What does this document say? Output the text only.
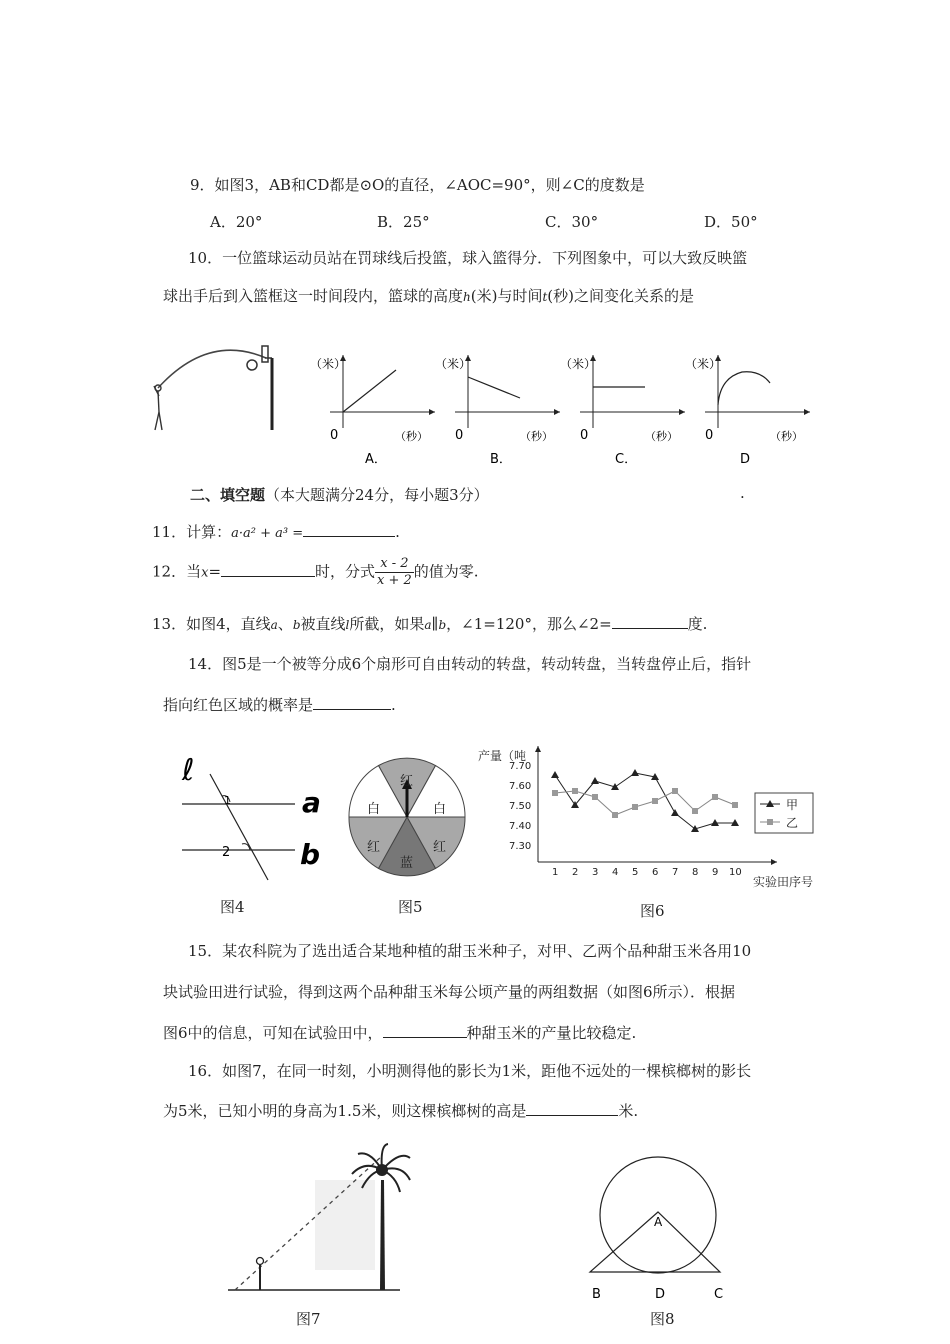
9．如图3，AB和CD都是⊙O的直径，∠AOC=90°，则∠C的度数是
A．20°	B．25°	C．30°	D．50°
10．一位篮球运动员站在罚球线后投篮，球入篮得分．下列图象中，可以大致反映篮
球出手后到入篮框这一时间段内，篮球的高度h(米)与时间t(秒)之间变化关系的是
（米）
0	（秒）
A．
（米）
0	（秒）
B．
（米）
0	（秒）
C．
（米）
0	（秒）
D
二、填空题（本大题满分24分，每小题3分）	.
11．计算：a·a² + a³ =	.
12．当x=	时，分式 $\frac{x - 2}{x + 2}$ 的值为零.
13．如图4，直线a、b被直线l所截，如果a∥b，∠1=120°，那么∠2=	度.
14．图5是一个被等分成6个扇形可自由转动的转盘，转动转盘，当转盘停止后，指针
指向红色区域的概率是	.
ℓ
a
b
1
2
图4
红
白	白
红	红
蓝
图5
产量（吨
实验田序号
7.70
7.60
7.50
7.40
7.30
1 2 3 4 5 6 7 8 9 10
甲
乙
图6
15．某农科院为了选出适合某地种植的甜玉米种子，对甲、乙两个品种甜玉米各用10
块试验田进行试验，得到这两个品种甜玉米每公顷产量的两组数据（如图6所示）．根据
图6中的信息，可知在试验田中，	种甜玉米的产量比较稳定.
16．如图7，在同一时刻，小明测得他的影长为1米，距他不远处的一棵槟榔树的影长
为5米，已知小明的身高为1.5米，则这棵槟榔树的高是	米.
图7
A
B	D	C
图8
